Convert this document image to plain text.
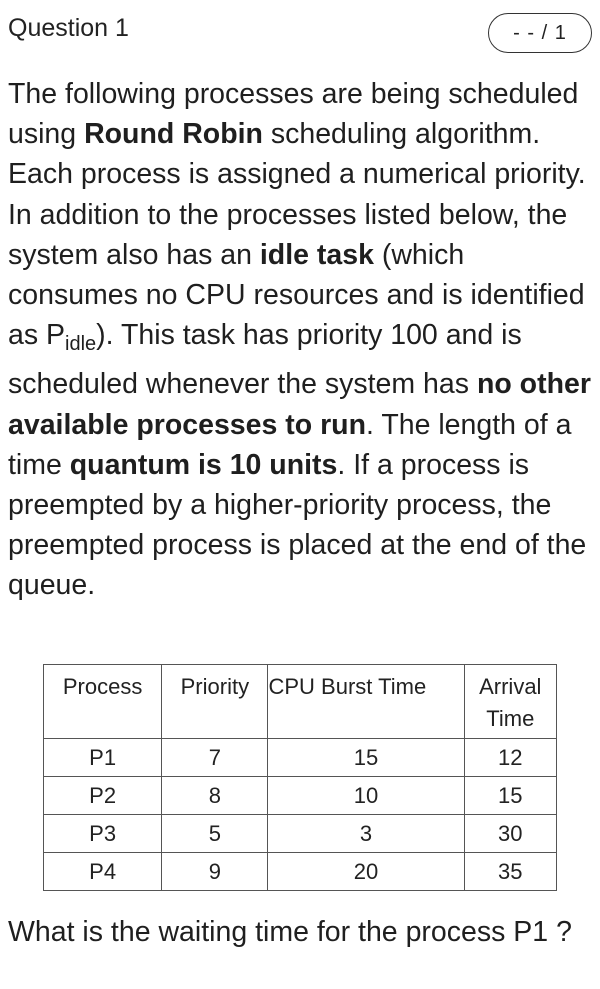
Question 1	- - / 1
The following processes are being scheduled using Round Robin scheduling algorithm. Each process is assigned a numerical priority. In addition to the processes listed below, the system also has an idle task (which consumes no CPU resources and is identified as $P_{idle}$). This task has priority 100 and is scheduled whenever the system has no other available processes to run. The length of a time quantum is 10 units. If a process is preempted by a higher-priority process, the preempted process is placed at the end of the queue.
Process	Priority	CPU Burst Time	Arrival Time
P1	7	15	12
P2	8	10	15
P3	5	3	30
P4	9	20	35
What is the waiting time for the process P1 ?
